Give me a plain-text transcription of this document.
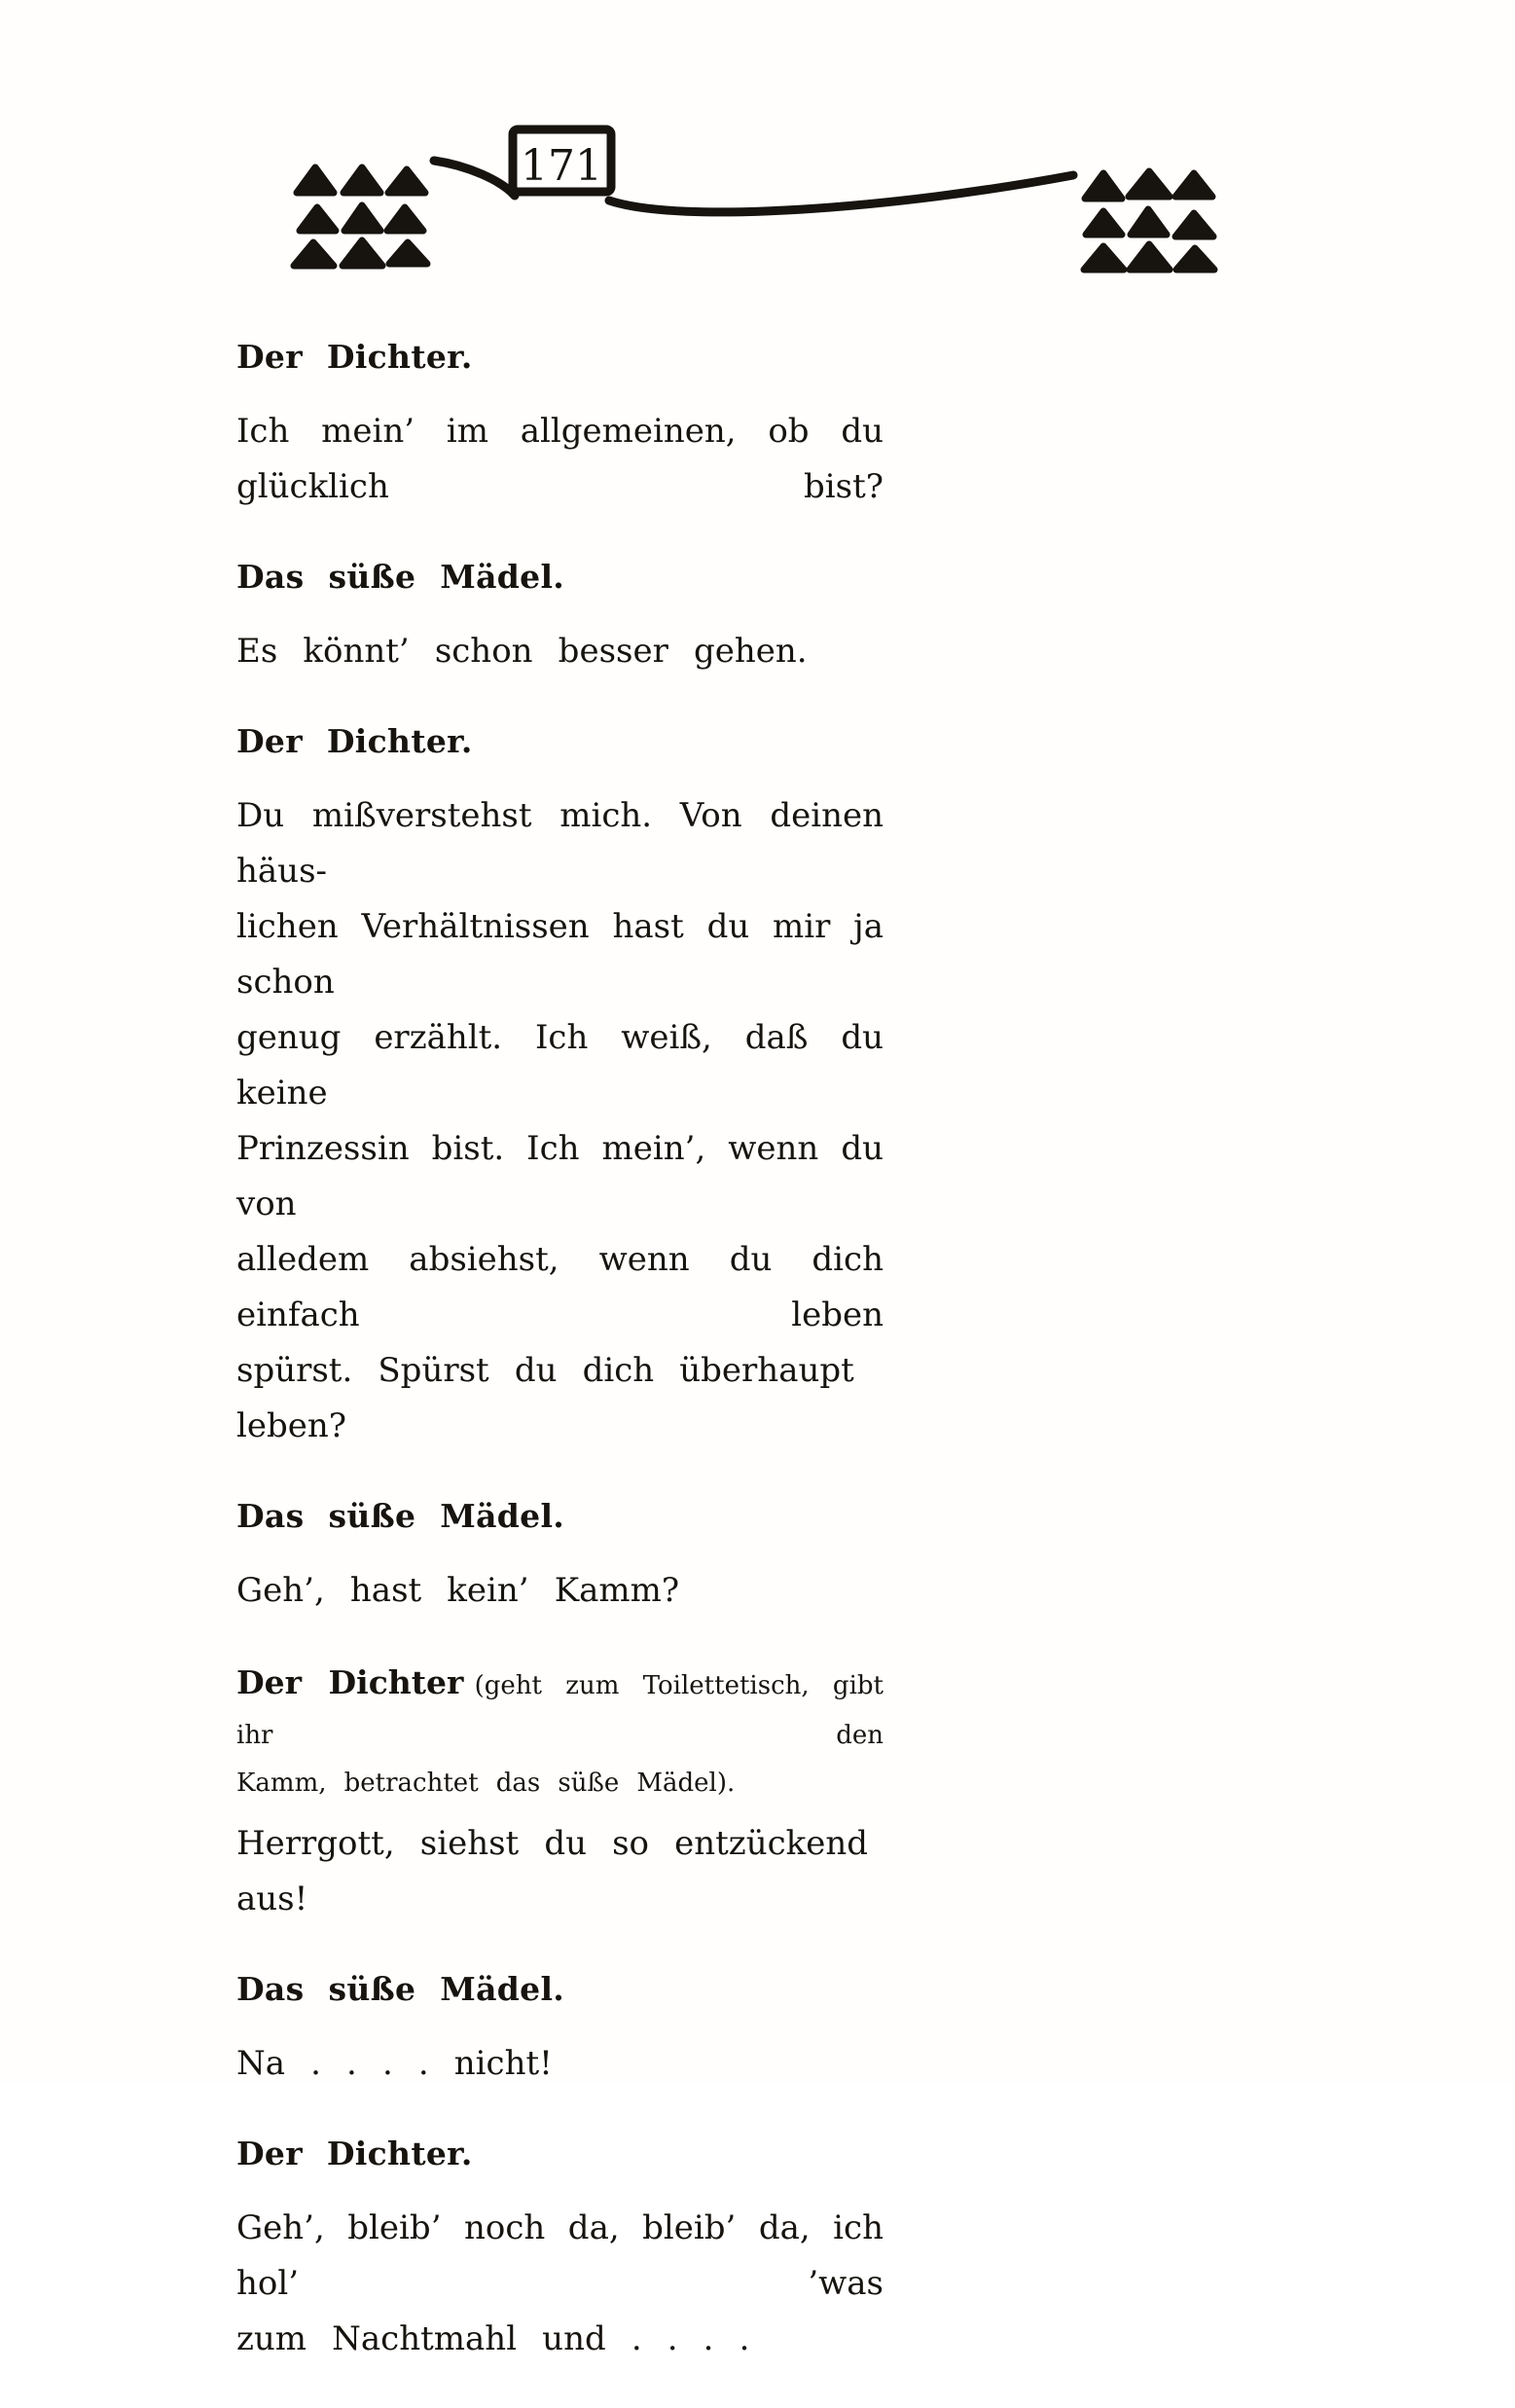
171
Der Dichter.

Ich mein’ im allgemeinen, ob du glücklich bist?

Das süße Mädel.

Es könnt’ schon besser gehen.

Der Dichter.

Du mißverstehst mich. Von deinen häus-

lichen Verhältnissen hast du mir ja schon

genug erzählt. Ich weiß, daß du keine

Prinzessin bist. Ich mein’, wenn du von

alledem absiehst, wenn du dich einfach leben

spürst. Spürst du dich überhaupt leben?

Das süße Mädel.

Geh’, hast kein’ Kamm?

Der Dichter (geht zum Toilettetisch, gibt ihr den

Kamm, betrachtet das süße Mädel).

Herrgott, siehst du so entzückend aus!

Das süße Mädel.

Na . . . . nicht!

Der Dichter.

Geh’, bleib’ noch da, bleib’ da, ich hol’ ’was

zum Nachtmahl und . . . .
